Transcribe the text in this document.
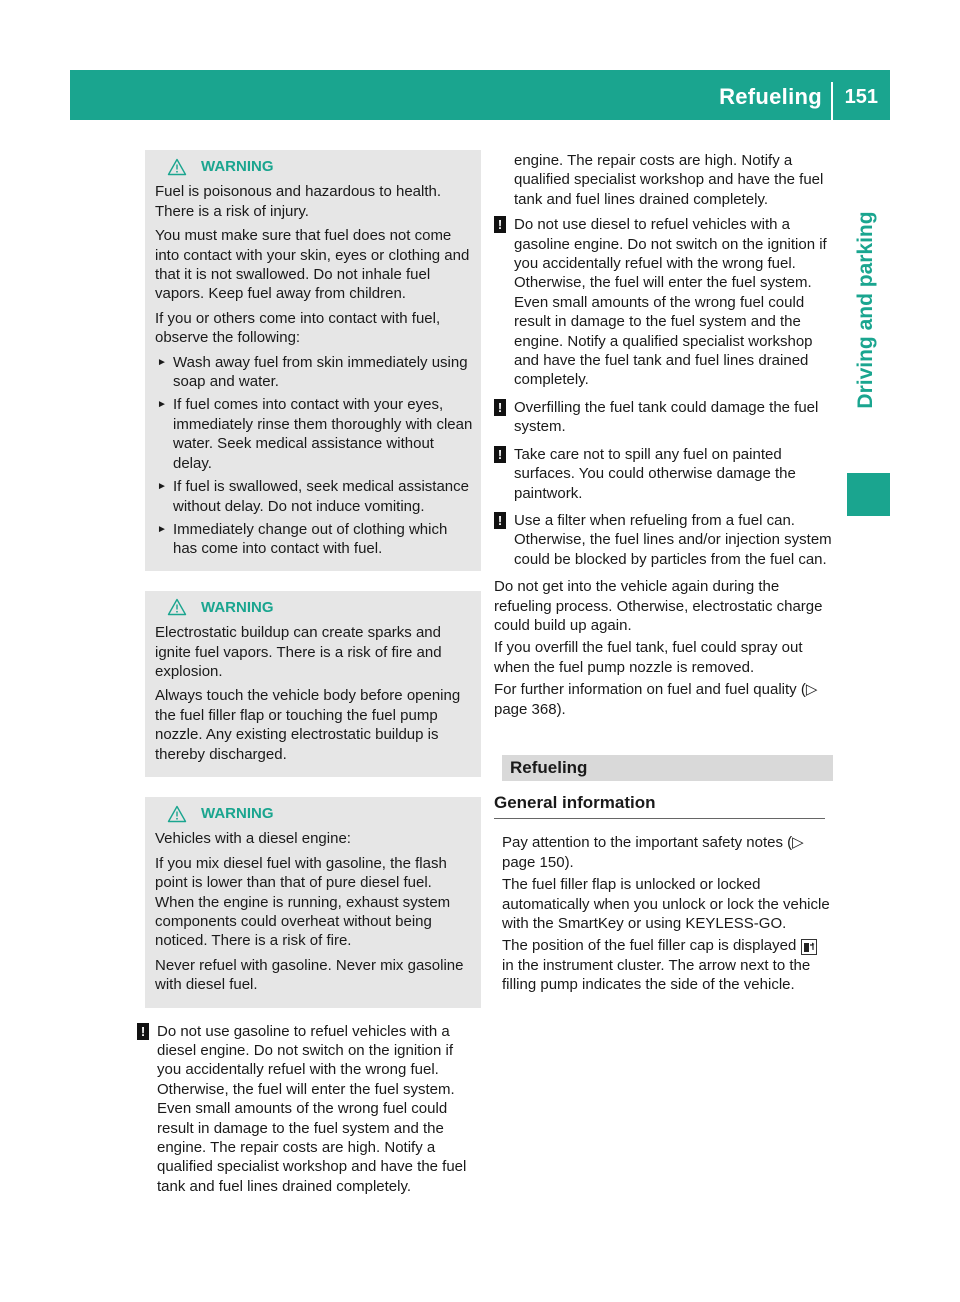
Refueling 151
Driving and parking
WARNING

Fuel is poisonous and hazardous to health. There is a risk of injury.

You must make sure that fuel does not come into contact with your skin, eyes or clothing and that it is not swallowed. Do not inhale fuel vapors. Keep fuel away from children.

If you or others come into contact with fuel, observe the following:

► Wash away fuel from skin immediately using soap and water.
► If fuel comes into contact with your eyes, immediately rinse them thoroughly with clean water. Seek medical assistance without delay.
► If fuel is swallowed, seek medical assistance without delay. Do not induce vomiting.
► Immediately change out of clothing which has come into contact with fuel.
WARNING

Electrostatic buildup can create sparks and ignite fuel vapors. There is a risk of fire and explosion.

Always touch the vehicle body before opening the fuel filler flap or touching the fuel pump nozzle. Any existing electrostatic buildup is thereby discharged.

WARNING

Vehicles with a diesel engine:

If you mix diesel fuel with gasoline, the flash point is lower than that of pure diesel fuel. When the engine is running, exhaust system components could overheat without being noticed. There is a risk of fire.

Never refuel with gasoline. Never mix gasoline with diesel fuel.

! Do not use gasoline to refuel vehicles with a diesel engine. Do not switch on the ignition if you accidentally refuel with the wrong fuel. Otherwise, the fuel will enter the fuel system. Even small amounts of the wrong fuel could result in damage to the fuel system and the engine. The repair costs are high. Notify a qualified specialist workshop and have the fuel tank and fuel lines drained completely.

engine. The repair costs are high. Notify a qualified specialist workshop and have the fuel tank and fuel lines drained completely.

! Do not use diesel to refuel vehicles with a gasoline engine. Do not switch on the ignition if you accidentally refuel with the wrong fuel. Otherwise, the fuel will enter the fuel system. Even small amounts of the wrong fuel could result in damage to the fuel system and the engine. Notify a qualified specialist workshop and have the fuel tank and fuel lines drained completely.
! Overfilling the fuel tank could damage the fuel system.
! Take care not to spill any fuel on painted surfaces. You could otherwise damage the paintwork.
! Use a filter when refueling from a fuel can. Otherwise, the fuel lines and/or injection system could be blocked by particles from the fuel can.

Do not get into the vehicle again during the refueling process. Otherwise, electrostatic charge could build up again.

If you overfill the fuel tank, fuel could spray out when the fuel pump nozzle is removed.

For further information on fuel and fuel quality (▷ page 368).

Refueling
General information

Pay attention to the important safety notes (▷ page 150).

The fuel filler flap is unlocked or locked automatically when you unlock or lock the vehicle with the SmartKey or using KEYLESS-GO.

The position of the fuel filler cap is displayed
in the instrument cluster. The arrow next to the filling pump indicates the side of the vehicle.
